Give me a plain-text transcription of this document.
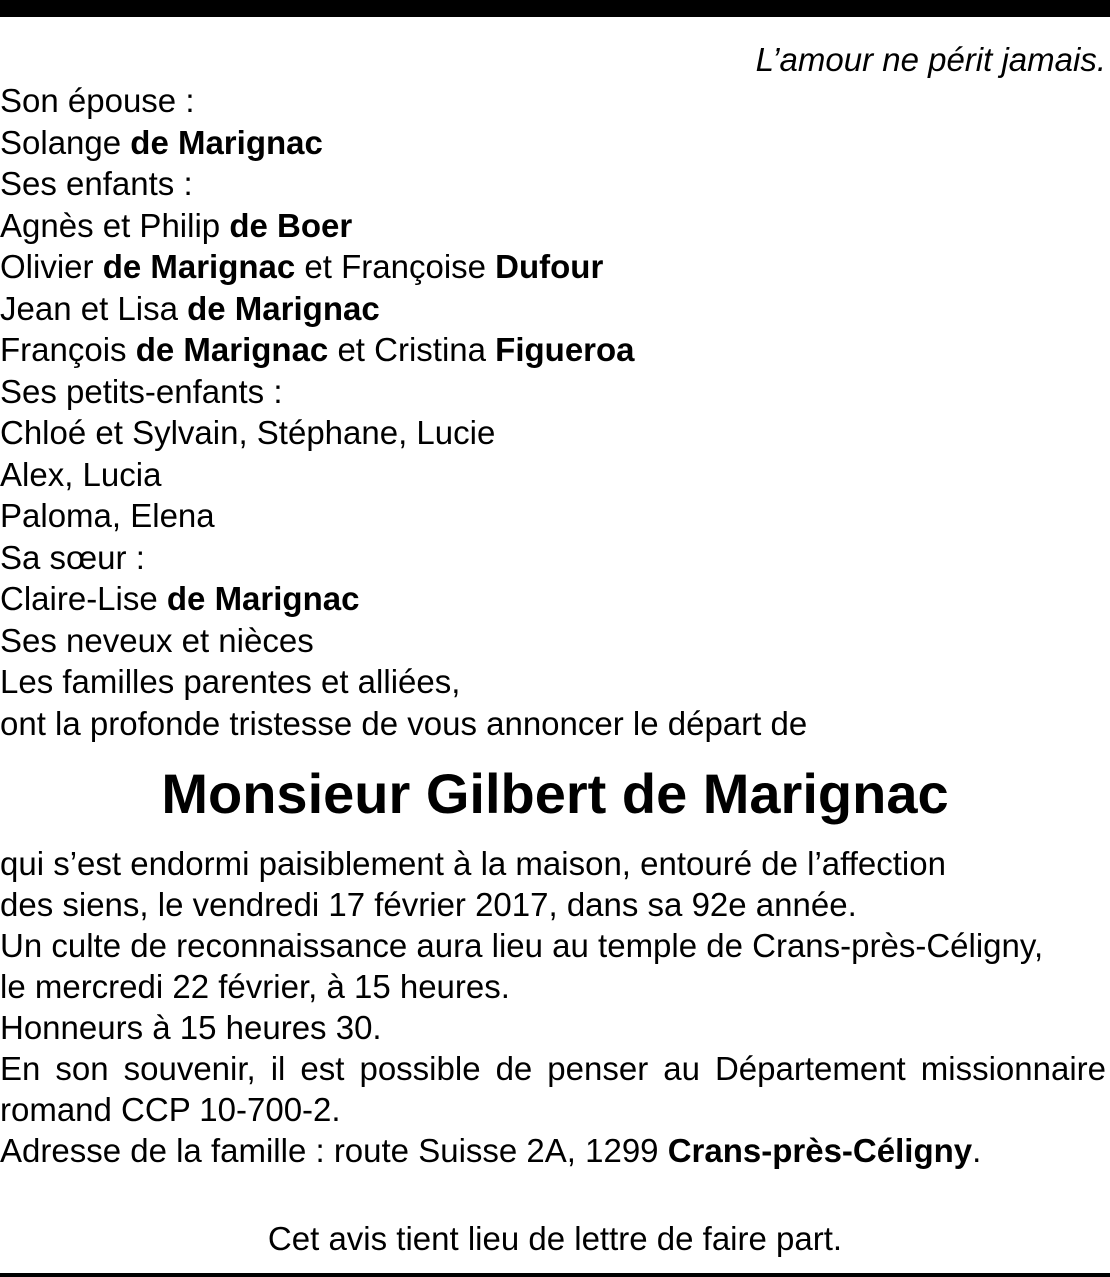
L’amour ne périt jamais.
Son épouse :
Solange de Marignac
Ses enfants :
Agnès et Philip de Boer
Olivier de Marignac et Françoise Dufour
Jean et Lisa de Marignac
François de Marignac et Cristina Figueroa
Ses petits-enfants :
Chloé et Sylvain, Stéphane, Lucie
Alex, Lucia
Paloma, Elena
Sa sœur :
Claire-Lise de Marignac
Ses neveux et nièces
Les familles parentes et alliées,
ont la profonde tristesse de vous annoncer le départ de
Monsieur Gilbert de Marignac
qui s’est endormi paisiblement à la maison, entouré de l’affection
des siens, le vendredi 17 février 2017, dans sa 92e année.
Un culte de reconnaissance aura lieu au temple de Crans-près-Céligny,
le mercredi 22 février, à 15 heures.
Honneurs à 15 heures 30.
En son souvenir, il est possible de penser au Département missionnaire
romand CCP 10-700-2.
Adresse de la famille : route Suisse 2A, 1299 Crans-près-Céligny.
Cet avis tient lieu de lettre de faire part.
